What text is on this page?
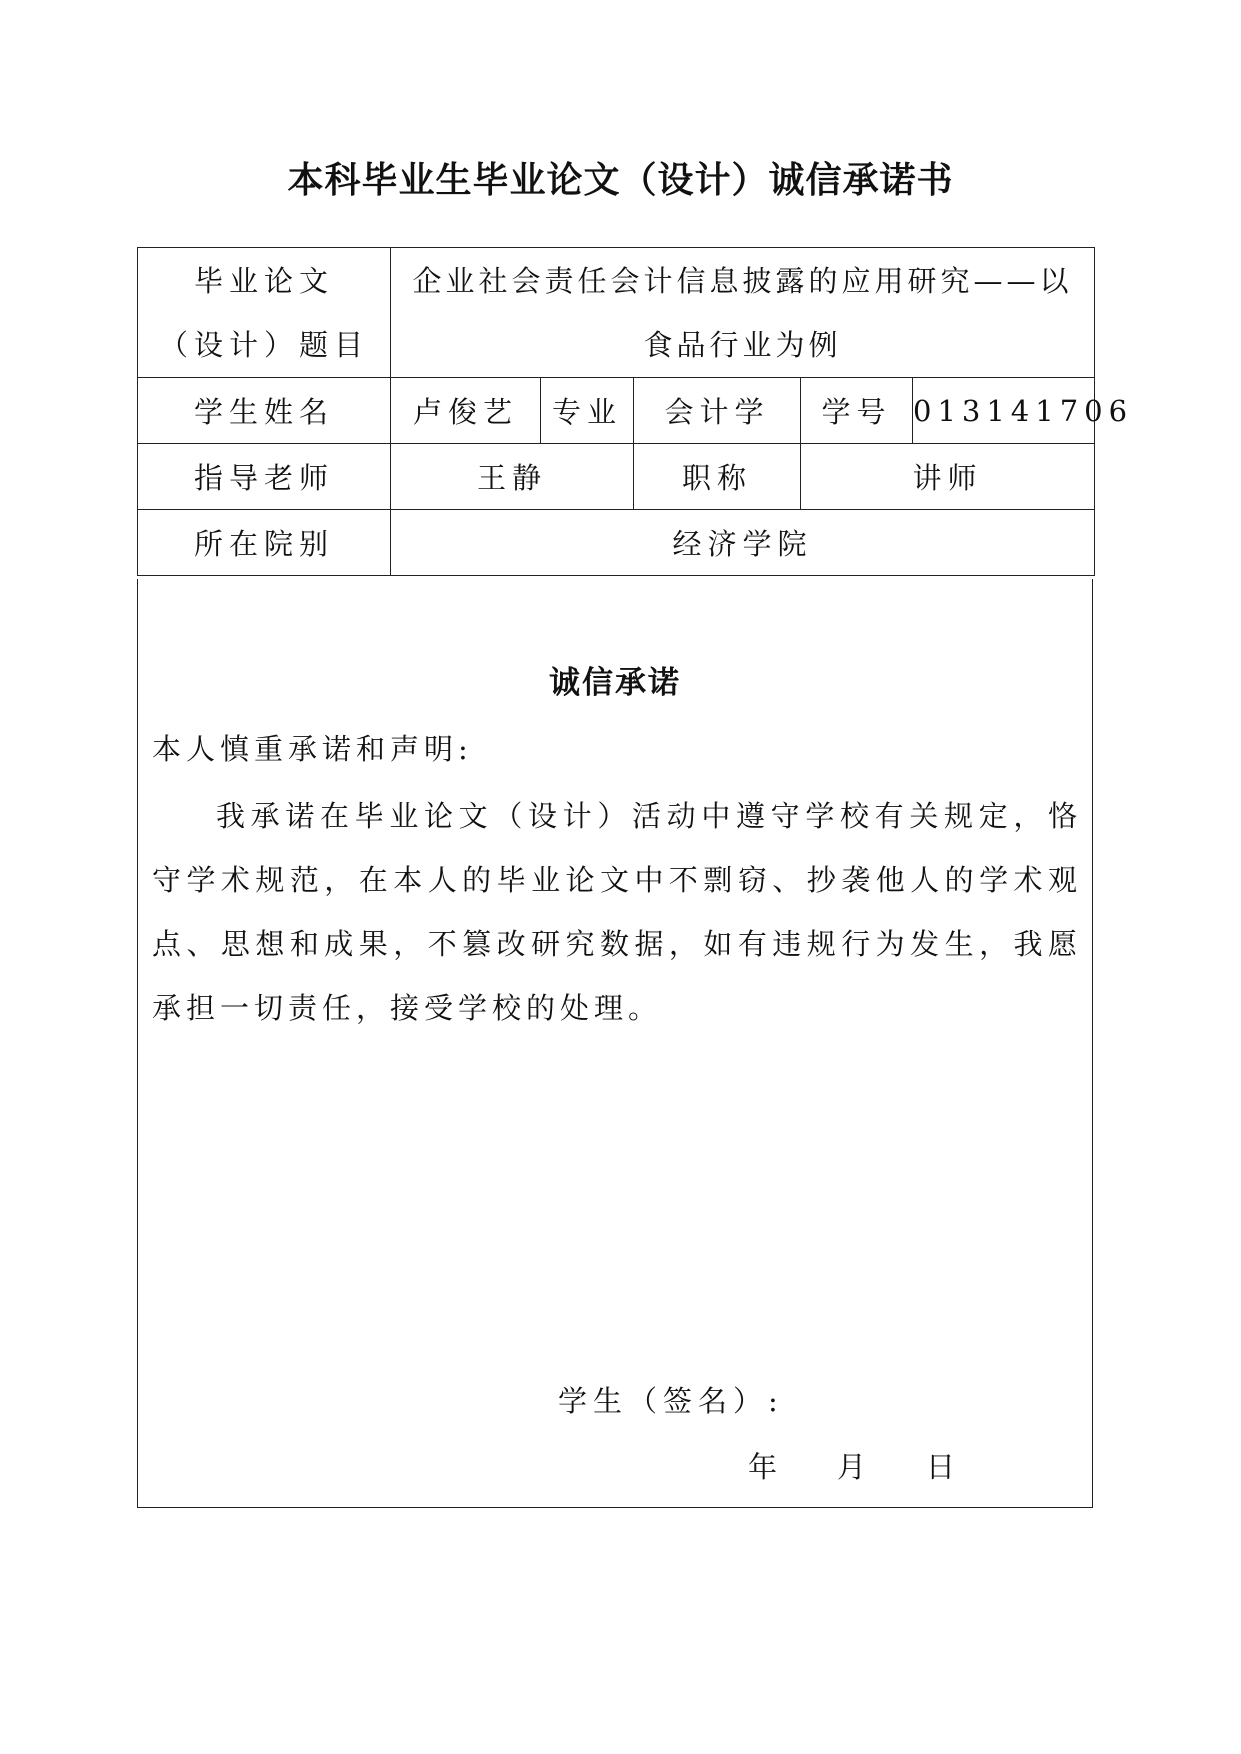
本科毕业生毕业论文（设计）诚信承诺书
毕业论文
（设计）题目	企业社会责任会计信息披露的应用研究——以食品行业为例				

学生姓名	卢俊艺	专业	会计学	学号	013141706
指导老师	王静		职称	讲师	
所在院别	经济学院				
诚信承诺
本人慎重承诺和声明:
我承诺在毕业论文（设计）活动中遵守学校有关规定，恪守学术规范，在本人的毕业论文中不剽窃、抄袭他人的学术观点、思想和成果，不篡改研究数据，如有违规行为发生，我愿承担一切责任，接受学校的处理。
学生（签名）:
年 月 日
